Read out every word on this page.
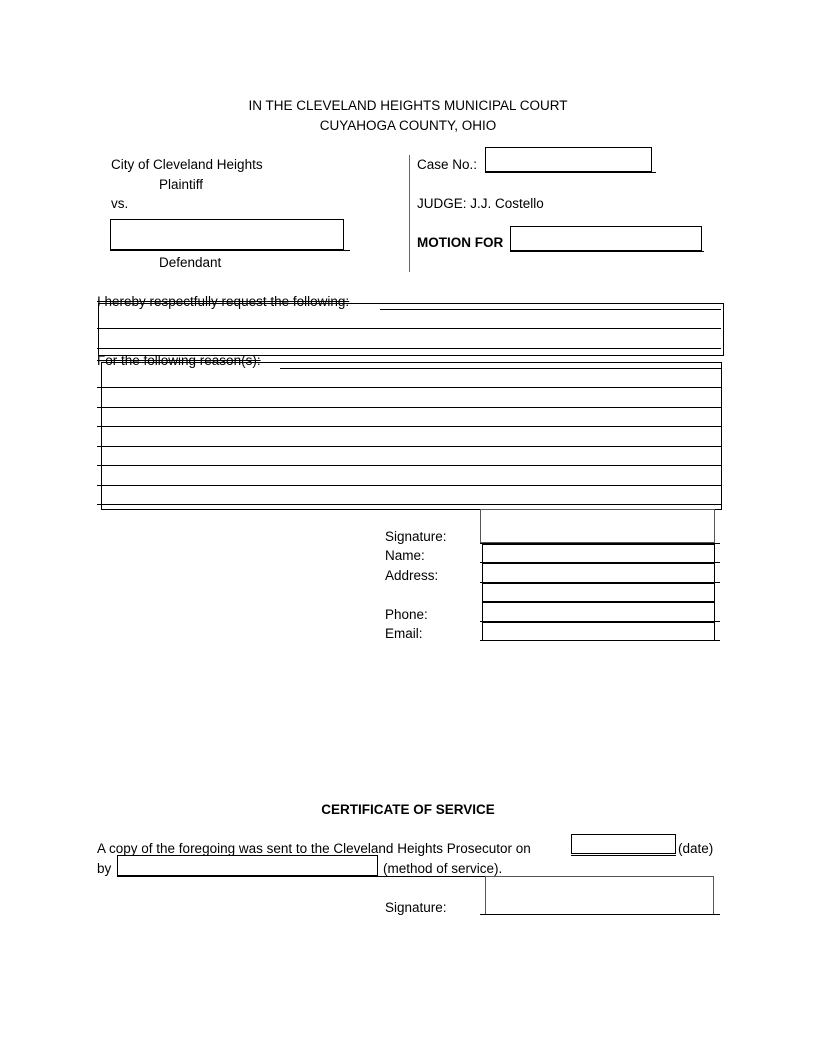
IN THE CLEVELAND HEIGHTS MUNICIPAL COURT
CUYAHOGA COUNTY, OHIO
City of Cleveland Heights
Plaintiff
vs.
Defendant
Case No.:
JUDGE: J.J. Costello
MOTION FOR
I hereby respectfully request the following:
For the following reason(s):
Signature:
Name:
Address:
Phone:
Email:
CERTIFICATE OF SERVICE
A copy of the foregoing was sent to the Cleveland Heights Prosecutor on	(date)
by	(method of service).
Signature:
